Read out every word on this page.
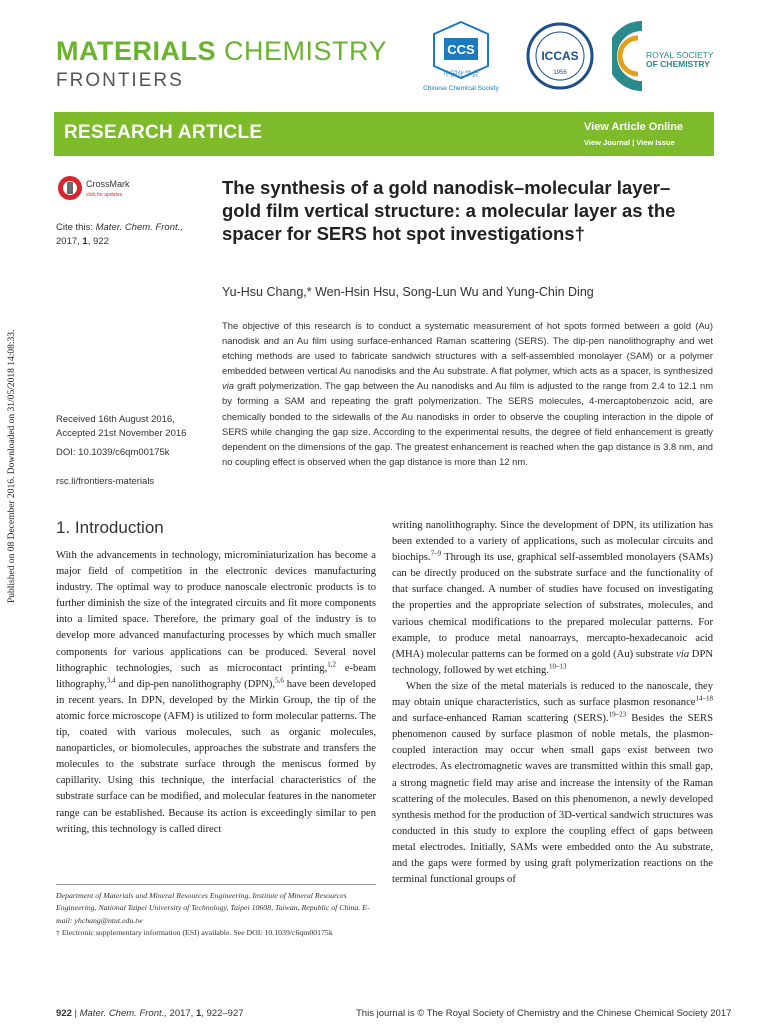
MATERIALS CHEMISTRY
FRONTIERS
CCS
中国化学会
Chinese Chemical Society
ICCAS
1956
ROYAL SOCIETY
OF CHEMISTRY
RESEARCH ARTICLE	View Article Online
View Journal | View Issue
CrossMark
click for updates
Cite this: Mater. Chem. Front.,
2017, 1, 922
Received 16th August 2016,
Accepted 21st November 2016
DOI: 10.1039/c6qm00175k
rsc.li/frontiers-materials
Published on 08 December 2016. Downloaded on 31/05/2018 14:08:33.
The synthesis of a gold nanodisk–molecular layer–gold film vertical structure: a molecular layer as the spacer for SERS hot spot investigations†
Yu-Hsu Chang,* Wen-Hsin Hsu, Song-Lun Wu and Yung-Chin Ding
The objective of this research is to conduct a systematic measurement of hot spots formed between a gold (Au) nanodisk and an Au film using surface-enhanced Raman scattering (SERS). The dip-pen nanolithography and wet etching methods are used to fabricate sandwich structures with a self-assembled monolayer (SAM) or a polymer embedded between vertical Au nanodisks and the Au substrate. A flat polymer, which acts as a spacer, is synthesized via graft polymerization. The gap between the Au nanodisks and Au film is adjusted to the range from 2.4 to 12.1 nm by forming a SAM and repeating the graft polymerization. The SERS molecules, 4-mercaptobenzoic acid, are chemically bonded to the sidewalls of the Au nanodisks in order to observe the coupling interaction in the dipole of SERS while changing the gap size. According to the experimental results, the degree of field enhancement is greatly dependent on the dimensions of the gap. The greatest enhancement is reached when the gap distance is 3.8 nm, and no coupling effect is observed when the gap distance is more than 12 nm.
1. Introduction

With the advancements in technology, microminiaturization has become a major field of competition in the electronic devices manufacturing industry. The optimal way to produce nanoscale electronic products is to further diminish the size of the integrated circuits and fit more components into a limited space. Therefore, the primary goal of the industry is to develop more advanced manufacturing processes by which much smaller components for various applications can be produced. Several novel lithographic technologies, such as microcontact printing,$^{1,2}$ e-beam lithography,$^{3,4}$ and dip-pen nanolithography (DPN),$^{5,6}$ have been developed in recent years. In DPN, developed by the Mirkin Group, the tip of the atomic force microscope (AFM) is utilized to form molecular patterns. The tip, coated with various molecules, such as organic molecules, nanoparticles, or biomolecules, approaches the substrate and transfers the molecules to the substrate surface through the meniscus formed by capillarity. Using this technique, the interfacial characteristics of the substrate surface can be modified, and molecular features in the nanometer range can be established. Because its action is exceedingly similar to pen writing, this technology is called direct

writing nanolithography. Since the development of DPN, its utilization has been extended to a variety of applications, such as molecular circuits and biochips.$^{7-9}$ Through its use, graphical self-assembled monolayers (SAMs) can be directly produced on the substrate surface and the functionality of that surface changed. A number of studies have focused on investigating the properties and the appropriate selection of substrates, molecules, and various chemical modifications to the prepared molecular patterns. For example, to produce metal nanoarrays, mercapto-hexadecanoic acid (MHA) molecular patterns can be formed on a gold (Au) substrate via DPN technology, followed by wet etching.$^{10-13}$

When the size of the metal materials is reduced to the nanoscale, they may obtain unique characteristics, such as surface plasmon resonance$^{14-18}$ and surface-enhanced Raman scattering (SERS).$^{19-23}$ Besides the SERS phenomenon caused by surface plasmon of noble metals, the plasmon-coupled interaction may occur when small gaps exist between two electrodes. As electromagnetic waves are transmitted within this small gap, a strong magnetic field may arise and increase the intensity of the Raman scattering of the molecules. Based on this phenomenon, a newly developed synthesis method for the production of 3D-vertical sandwich structures was conducted in this study to explore the coupling effect of gaps between metal electrodes. Initially, SAMs were embedded onto the Au substrate, and the gaps were formed by using graft polymerization reactions on the terminal functional groups of

Department of Materials and Mineral Resources Engineering, Institute of Mineral Resources Engineering, National Taipei University of Technology, Taipei 10608, Taiwan, Republic of China. E-mail: yhchang@ntut.edu.tw
† Electronic supplementary information (ESI) available. See DOI: 10.1039/c6qm00175k
922 | Mater. Chem. Front., 2017, 1, 922–927	This journal is © The Royal Society of Chemistry and the Chinese Chemical Society 2017
